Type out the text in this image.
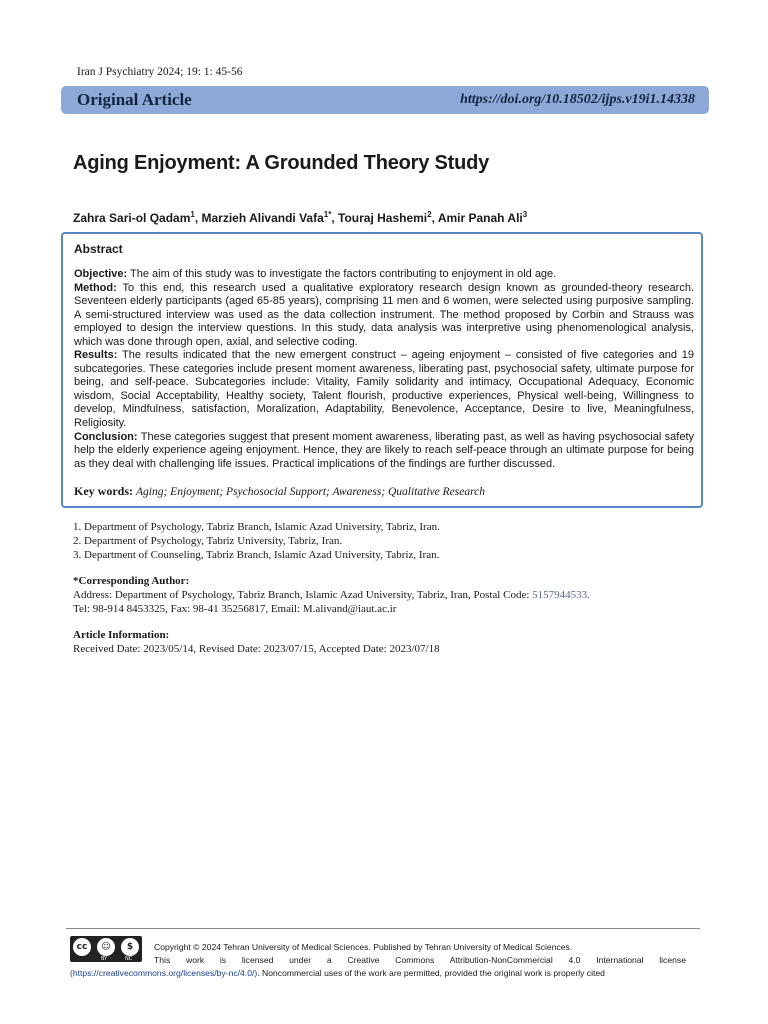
Iran J Psychiatry 2024; 19: 1: 45-56
Original Article	https://doi.org/10.18502/ijps.v19i1.14338
Aging Enjoyment: A Grounded Theory Study
Zahra Sari-ol Qadam$^1$, Marzieh Alivandi Vafa$^{1*}$, Touraj Hashemi$^2$, Amir Panah Ali$^3$
Abstract

Objective: The aim of this study was to investigate the factors contributing to enjoyment in old age.

Method: To this end, this research used a qualitative exploratory research design known as grounded-theory research. Seventeen elderly participants (aged 65-85 years), comprising 11 men and 6 women, were selected using purposive sampling. A semi-structured interview was used as the data collection instrument. The method proposed by Corbin and Strauss was employed to design the interview questions. In this study, data analysis was interpretive using phenomenological analysis, which was done through open, axial, and selective coding.

Results: The results indicated that the new emergent construct – ageing enjoyment – consisted of five categories and 19 subcategories. These categories include present moment awareness, liberating past, psychosocial safety, ultimate purpose for being, and self-peace. Subcategories include: Vitality, Family solidarity and intimacy, Occupational Adequacy, Economic wisdom, Social Acceptability, Healthy society, Talent flourish, productive experiences, Physical well-being, Willingness to develop, Mindfulness, satisfaction, Moralization, Adaptability, Benevolence, Acceptance, Desire to live, Meaningfulness, Religiosity.

Conclusion: These categories suggest that present moment awareness, liberating past, as well as having psychosocial safety help the elderly experience ageing enjoyment. Hence, they are likely to reach self-peace through an ultimate purpose for being as they deal with challenging life issues. Practical implications of the findings are further discussed.

Key words: Aging; Enjoyment; Psychosocial Support; Awareness; Qualitative Research
1. Department of Psychology, Tabriz Branch, Islamic Azad University, Tabriz, Iran.
2. Department of Psychology, Tabriz University, Tabriz, Iran.
3. Department of Counseling, Tabriz Branch, Islamic Azad University, Tabriz, Iran.
*Corresponding Author:
Address: Department of Psychology, Tabriz Branch, Islamic Azad University, Tabriz, Iran, Postal Code: 5157944533.
Tel: 98-914 8453325, Fax: 98-41 35256817, Email: M.alivand@iaut.ac.ir
Article Information:
Received Date: 2023/05/14, Revised Date: 2023/07/15, Accepted Date: 2023/07/18
cc	☺	$
BY	NC
Copyright © 2024 Tehran University of Medical Sciences. Published by Tehran University of Medical Sciences.
This work is licensed under a Creative Commons Attribution-NonCommercial 4.0 International license
(https://creativecommons.org/licenses/by-nc/4.0/). Noncommercial uses of the work are permitted, provided the original work is properly cited
